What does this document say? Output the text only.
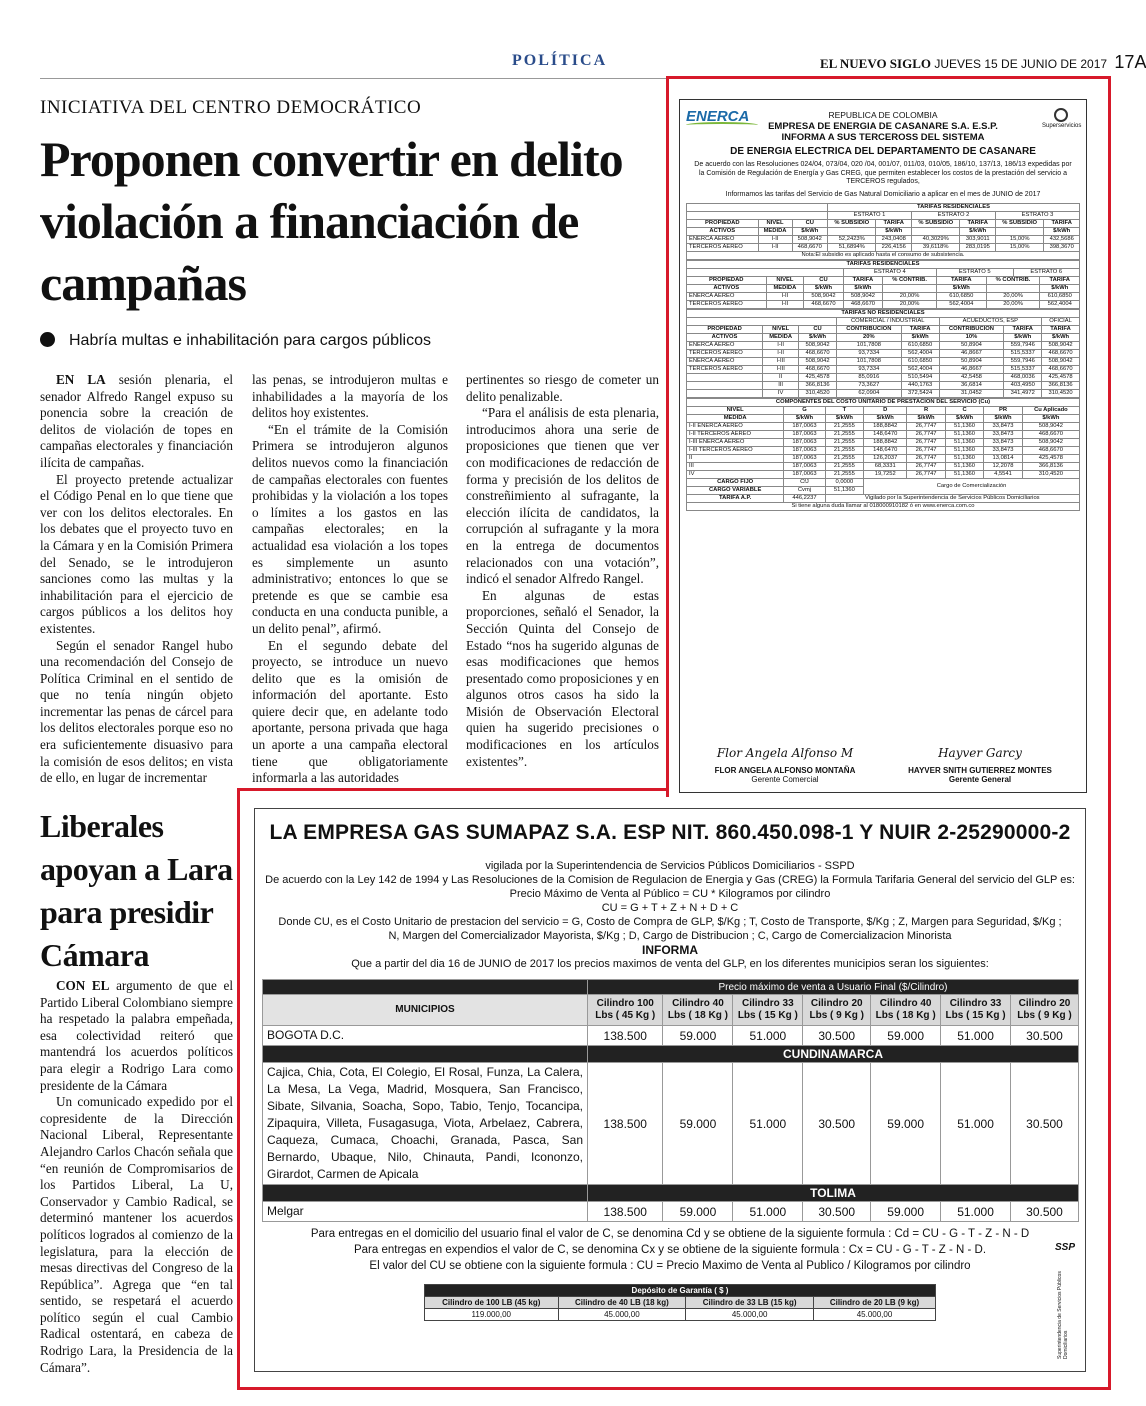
POLÍTICA	EL NUEVO SIGLO JUEVES 15 DE JUNIO DE 2017 17A
INICIATIVA DEL CENTRO DEMOCRÁTICO
Proponen convertir en delito violación a financiación de campañas
Habría multas e inhabilitación para cargos públicos

EN LA sesión plenaria, el senador Alfredo Rangel expuso su ponencia sobre la creación de delitos de violación de topes en campañas electorales y financiación ilícita de campañas.

El proyecto pretende actualizar el Código Penal en lo que tiene que ver con los delitos electorales. En los debates que el proyecto tuvo en la Cámara y en la Comisión Primera del Senado, se le introdujeron sanciones como las multas y la inhabilitación para el ejercicio de cargos públicos a los delitos hoy existentes.

Según el senador Rangel hubo una recomendación del Consejo de Política Criminal en el sentido de que no tenía ningún objeto incrementar las penas de cárcel para los delitos electorales porque eso no era suficientemente disuasivo para la comisión de esos delitos; en vista de ello, en lugar de incrementar

las penas, se introdujeron multas e inhabilidades a la mayoría de los delitos hoy existentes.

“En el trámite de la Comisión Primera se introdujeron algunos delitos nuevos como la financiación de campañas electorales con fuentes prohibidas y la violación a los topes o límites a los gastos en las campañas electorales; en la actualidad esa violación a los topes es simplemente un asunto administrativo; entonces lo que se pretende es que se cambie esa conducta en una conducta punible, a un delito penal”, afirmó.

En el segundo debate del proyecto, se introduce un nuevo delito que es la omisión de información del aportante. Esto quiere decir que, en adelante todo aportante, persona privada que haga un aporte a una campaña electoral tiene que obligatoriamente informarla a las autoridades

pertinentes so riesgo de cometer un delito penalizable.

“Para el análisis de esta plenaria, introducimos ahora una serie de proposiciones que tienen que ver con modificaciones de redacción de forma y precisión de los delitos de constreñimiento al sufragante, la elección ilícita de candidatos, la corrupción al sufragante y la mora en la entrega de documentos relacionados con una votación”, indicó el senador Alfredo Rangel.

En algunas de estas proporciones, señaló el Senador, la Sección Quinta del Consejo de Estado “nos ha sugerido algunas de esas modificaciones que hemos presentado como proposiciones y en algunos otros casos ha sido la Misión de Observación Electoral quien ha sugerido precisiones o modificaciones en los artículos existentes”.

ENERCA
Superservicios
REPUBLICA DE COLOMBIA
EMPRESA DE ENERGIA DE CASANARE S.A. E.S.P.
INFORMA A SUS TERCEROSS DEL SISTEMA
DE ENERGIA ELECTRICA DEL DEPARTAMENTO DE CASANARE
De acuerdo con las Resoluciones 024/04, 073/04, 020 /04, 001/07, 011/03, 010/05, 186/10, 137/13, 186/13 expedidas por la Comisión de Regulación de Energía y Gas CREG, que permiten establecer los costos de la prestación del servicio a TERCEROS regulados,
Informamos las tarifas del Servicio de Gas Natural Domiciliario a aplicar en el mes de JUNIO de 2017
			TARIFAS RESIDENCIALES					
			ESTRATO 1		ESTRATO 2		ESTRATO 3	
PROPIEDAD	NIVEL	CU	% SUBSIDIO	TARIFA	% SUBSIDIO	TARIFA	% SUBSIDIO	TARIFA
ACTIVOS	MEDIDA	$/kWh		$/kWh		$/kWh		$/kWh
ENERCA AEREO	I-II	508,9042	52,2423%	243,0408	40,3029%	303,9011	15,00%	432,5686
TERCEROS AEREO	I-II	468,6670	51,6894%	226,4156	39,6118%	283,0195	15,00%	398,3670
Nota:El subsidio es aplicado hasta el consumo de subsistencia.								
TARIFAS RESIDENCIALES								
			ESTRATO 4		ESTRATO 5		ESTRATO 6	
PROPIEDAD	NIVEL	CU	TARIFA	% CONTRIB.	TARIFA	% CONTRIB.		TARIFA
ACTIVOS	MEDIDA	$/kWh	$/kWh		$/kWh			$/kWh
ENERCA AEREO	I-II	508,9042	508,9042	20,00%	610,6850	20,00%		610,6850
TERCEROS AEREO	I-II	468,6670	468,6670	20,00%	562,4004	20,00%		562,4004
TARIFAS NO RESIDENCIALES							
			COMERCIAL / INDUSTRIAL		ACUEDUCTOS, ESP		OFICIAL
PROPIEDAD	NIVEL	CU	CONTRIBUCION	TARIFA	CONTRIBUCION	TARIFA	TARIFA
ACTIVOS	MEDIDA	$/kWh	20%	$/kWh	10%	$/kWh	$/kWh
ENERCA AEREO	I-II	508,9042	101,7808	610,6850	50,8904	559,7946	508,9042
TERCEROS AEREO	I-II	468,6670	93,7334	562,4004	46,8667	515,5337	468,6670
ENERCA AEREO	I-III	508,9042	101,7808	610,6850	50,8904	559,7946	508,9042
TERCEROS AEREO	I-III	468,6670	93,7334	562,4004	46,8667	515,5337	468,6670
	II	425,4578	85,0916	510,5494	42,5458	468,0036	425,4578
	III	366,8136	73,3627	440,1763	36,6814	403,4950	366,8136
	IV	310,4520	62,0904	372,5424	31,0452	341,4972	310,4520
COMPONENTES DEL COSTO UNITARIO DE PRESTACION DEL SERVICIO (Cu)							
NIVEL	G	T	D	R	C	PR	Cu Aplicado
MEDIDA	$/kWh	$/kWh	$/kWh	$/kWh	$/kWh	$/kWh	$/kWh
I-II ENERCA AEREO	187,0063	21,2555	188,8842	26,7747	51,1360	33,8473	508,9042
I-II TERCEROS AEREO	187,0063	21,2555	148,6470	26,7747	51,1360	33,8473	468,6670
I-III ENERCA AEREO	187,0063	21,2555	188,8842	26,7747	51,1360	33,8473	508,9042
I-III TERCEROS AEREO	187,0063	21,2555	148,6470	26,7747	51,1360	33,8473	468,6670
II	187,0063	21,2555	126,2037	26,7747	51,1360	13,0814	425,4578
III	187,0063	21,2555	68,3331	26,7747	51,1360	12,2078	366,8136
IV	187,0063	21,2555	19,7252	26,7747	51,1360	4,5541	310,4520
CARGO FIJO	CfJ	0,0000	Cargo de Comercialización				
CARGO VARIABLE	Cvmj	51,1360					
TARIFA A.P.	446,2237	Vigilado por la Superintendencia de Servicios Públicos Domiciliarios					
Si tiene alguna duda llamar al 018000910182 ó en www.enerca.com.co							
Flor Angela Alfonso M
FLOR ANGELA ALFONSO MONTAÑA
Gerente Comercial
Hayver Garcy
HAYVER SNITH GUTIERREZ MONTES
Gerente General
Liberales apoyan a Lara para presidir Cámara

CON EL argumento de que el Partido Liberal Colombiano siempre ha respetado la palabra empeñada, esa colectividad reiteró que mantendrá los acuerdos políticos para elegir a Rodrigo Lara como presidente de la Cámara

Un comunicado expedido por el copresidente de la Dirección Nacional Liberal, Representante Alejandro Carlos Chacón señala que “en reunión de Compromisarios de los Partidos Liberal, La U, Conservador y Cambio Radical, se determinó mantener los acuerdos políticos logrados al comienzo de la legislatura, para la elección de mesas directivas del Congreso de la República”. Agrega que “en tal sentido, se respetará el acuerdo político según el cual Cambio Radical ostentará, en cabeza de Rodrigo Lara, la Presidencia de la Cámara”.

LA EMPRESA GAS SUMAPAZ S.A. ESP NIT. 860.450.098-1 Y NUIR 2-25290000-2
vigilada por la Superintendencia de Servicios Públicos Domiciliarios - SSPD
De acuerdo con la Ley 142 de 1994 y Las Resoluciones de la Comision de Regulacion de Energia y Gas (CREG) la Formula Tarifaria General del servicio del GLP es:
Precio Máximo de Venta al Público = CU * Kilogramos por cilindro
CU = G + T + Z + N + D + C
Donde CU, es el Costo Unitario de prestacion del servicio = G, Costo de Compra de GLP, $/Kg ; T, Costo de Transporte, $/Kg ; Z, Margen para Seguridad, $/Kg ;
N, Margen del Comercializador Mayorista, $/Kg ; D, Cargo de Distribucion ; C, Cargo de Comercializacion Minorista
INFORMA
Que a partir del dia 16 de JUNIO de 2017 los precios maximos de venta del GLP, en los diferentes municipios seran los siguientes:
	Precio máximo de venta a Usuario Final ($/Cilindro)						
MUNICIPIOS	Cilindro 100 Lbs ( 45 Kg )	Cilindro 40 Lbs ( 18 Kg )	Cilindro 33 Lbs ( 15 Kg )	Cilindro 20 Lbs ( 9 Kg )	Cilindro 40 Lbs ( 18 Kg )	Cilindro 33 Lbs ( 15 Kg )	Cilindro 20 Lbs ( 9 Kg )
BOGOTA D.C.	138.500	59.000	51.000	30.500	59.000	51.000	30.500
	CUNDINAMARCA						
Cajica, Chia, Cota, El Colegio, El Rosal, Funza, La Calera, La Mesa, La Vega, Madrid, Mosquera, San Francisco, Sibate, Silvania, Soacha, Sopo, Tabio, Tenjo, Tocancipa, Zipaquira, Villeta, Fusagasuga, Viota, Arbelaez, Cabrera, Caqueza, Cumaca, Choachi, Granada, Pasca, San Bernardo, Ubaque, Nilo, Chinauta, Pandi, Icononzo, Girardot, Carmen de Apicala	138.500	59.000	51.000	30.500	59.000	51.000	30.500
	TOLIMA						
Melgar	138.500	59.000	51.000	30.500	59.000	51.000	30.500
Para entregas en el domicilio del usuario final el valor de C, se denomina Cd y se obtiene de la siguiente formula : Cd = CU - G - T - Z - N - D
Para entregas en expendios el valor de C, se denomina Cx y se obtiene de la siguiente formula : Cx = CU - G - T - Z - N - D.
El valor del CU se obtiene con la siguiente formula : CU = Precio Maximo de Venta al Publico / Kilogramos por cilindro
Depósito de Garantía ( $ )			
Cilindro de 100 LB (45 kg)	Cilindro de 40 LB (18 kg)	Cilindro de 33 LB (15 kg)	Cilindro de 20 LB (9 kg)
119.000,00	45.000,00	45.000,00	45.000,00
SSP
Superintendencia de Servicios Públicos Domiciliarios
